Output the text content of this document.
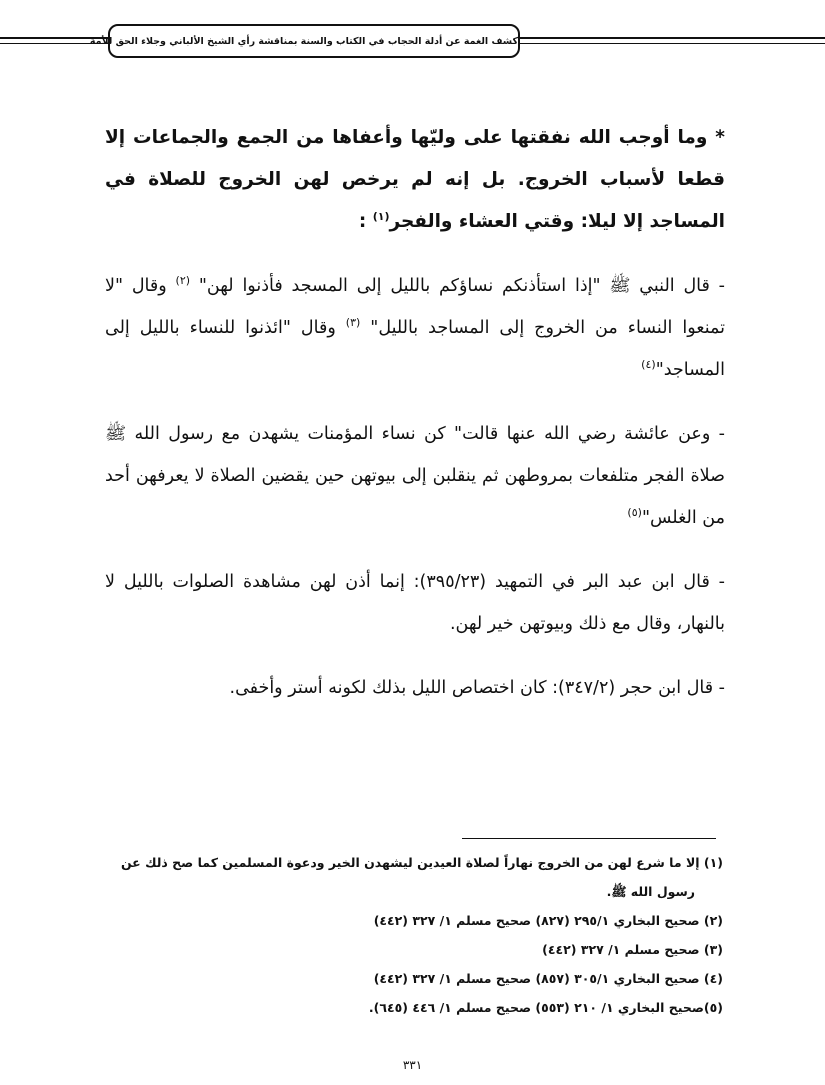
كشف الغمة عن أدلة الحجاب في الكتاب والسنة بمناقشة رأي الشيخ الألباني وجلاء الحق للأمة

* وما أوجب الله نفقتها على وليّها وأعفاها من الجمع والجماعات إلا قطعا لأسباب الخروج. بل إنه لم يرخص لهن الخروج للصلاة في المساجد إلا ليلا: وقتي العشاء والفجر$^{(١)}$ :

- قال النبي ﷺ "إذا استأذنكم نساؤكم بالليل إلى المسجد فأذنوا لهن" $^{(٢)}$ وقال "لا تمنعوا النساء من الخروج إلى المساجد بالليل" $^{(٣)}$ وقال "ائذنوا للنساء بالليل إلى المساجد"$^{(٤)}$

- وعن عائشة رضي الله عنها قالت" كن نساء المؤمنات يشهدن مع رسول الله ﷺ صلاة الفجر متلفعات بمروطهن ثم ينقلبن إلى بيوتهن حين يقضين الصلاة لا يعرفهن أحد من الغلس"$^{(٥)}$

- قال ابن عبد البر في التمهيد (٣٩٥/٢٣): إنما أذن لهن مشاهدة الصلوات بالليل لا بالنهار، وقال مع ذلك وبيوتهن خير لهن.

- قال ابن حجر (٣٤٧/٢): كان اختصاص الليل بذلك لكونه أستر وأخفى.

(١) إلا ما شرع لهن من الخروج نهاراً لصلاة العيدين ليشهدن الخير ودعوة المسلمين كما صح ذلك عن
رسول الله ﷺ.

(٢) صحيح البخاري ٢٩٥/١ (٨٢٧) صحيح مسلم ١/ ٣٢٧ (٤٤٢)

(٣) صحيح مسلم ١/ ٣٢٧ (٤٤٢)

(٤) صحيح البخاري ٣٠٥/١ (٨٥٧) صحيح مسلم ١/ ٣٢٧ (٤٤٢)

(٥)صحيح البخاري ١/ ٢١٠ (٥٥٣) صحيح مسلم ١/ ٤٤٦ (٦٤٥).

٣٣١
